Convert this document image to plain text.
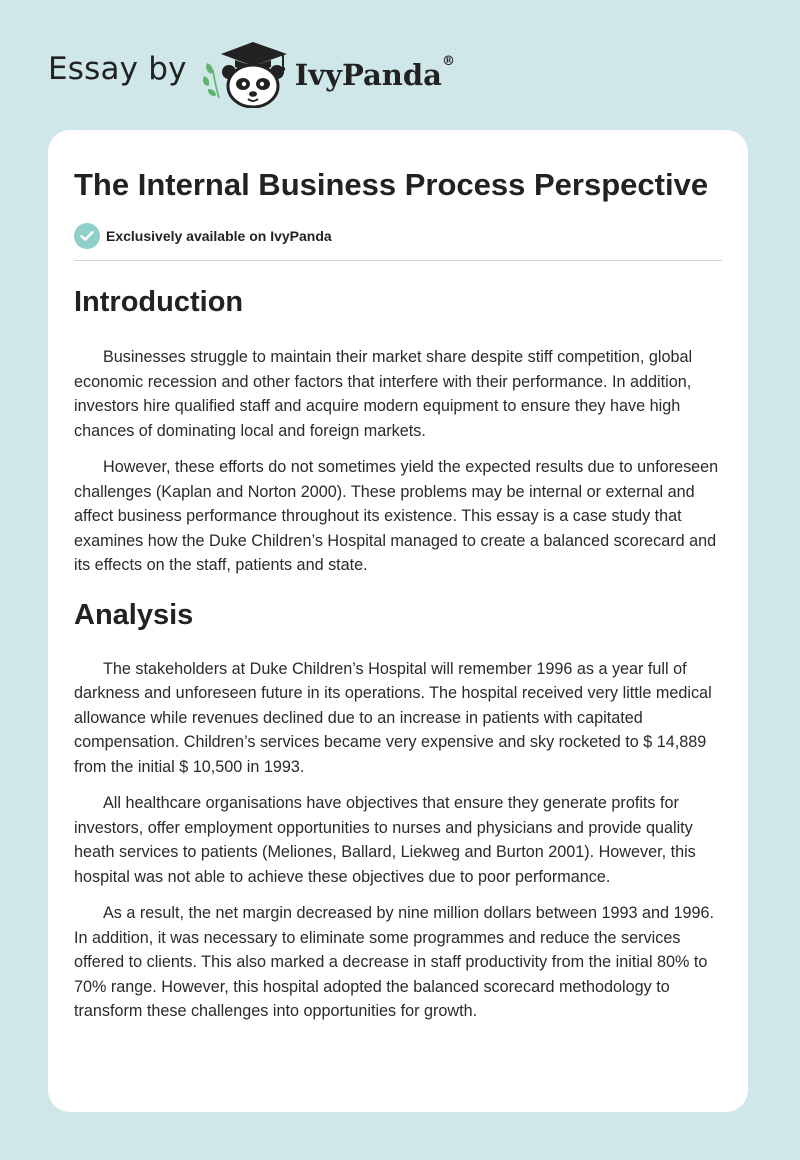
Essay by	IvyPanda®
The Internal Business Process Perspective
Exclusively available on IvyPanda
Introduction

Businesses struggle to maintain their market share despite stiff competition, global economic recession and other factors that interfere with their performance. In addition, investors hire qualified staff and acquire modern equipment to ensure they have high chances of dominating local and foreign markets.

However, these efforts do not sometimes yield the expected results due to unforeseen challenges (Kaplan and Norton 2000). These problems may be internal or external and affect business performance throughout its existence. This essay is a case study that examines how the Duke Children’s Hospital managed to create a balanced scorecard and its effects on the staff, patients and state.

Analysis

The stakeholders at Duke Children’s Hospital will remember 1996 as a year full of darkness and unforeseen future in its operations. The hospital received very little medical allowance while revenues declined due to an increase in patients with capitated compensation. Children’s services became very expensive and sky rocketed to $ 14,889 from the initial $ 10,500 in 1993.

All healthcare organisations have objectives that ensure they generate profits for investors, offer employment opportunities to nurses and physicians and provide quality heath services to patients (Meliones, Ballard, Liekweg and Burton 2001). However, this hospital was not able to achieve these objectives due to poor performance.

As a result, the net margin decreased by nine million dollars between 1993 and 1996. In addition, it was necessary to eliminate some programmes and reduce the services offered to clients. This also marked a decrease in staff productivity from the initial 80% to 70% range. However, this hospital adopted the balanced scorecard methodology to transform these challenges into opportunities for growth.
